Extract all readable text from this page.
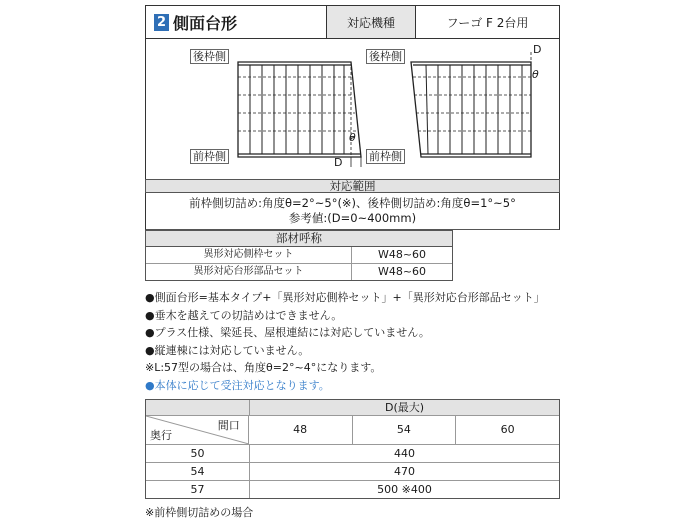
2 側面台形	対応機種	フーゴ F 2台用
後枠側
前枠側
後枠側
前枠側
θ
D
D
θ
対応範囲
前枠側切詰め:角度θ=2°~5°(※)、後枠側切詰め:角度θ=1°~5°
参考値:(D=0~400mm)
部材呼称
異形対応側枠セット	W48~60
異形対応台形部品セット	W48~60
●側面台形=基本タイプ+「異形対応側枠セット」+「異形対応台形部品セット」
●垂木を越えての切詰めはできません。
●プラス仕様、梁延長、屋根連結には対応していません。
●縦連棟には対応していません。
※L:57型の場合は、角度θ=2°~4°になります。
●本体に応じて受注対応となります。
D(最大)
間口
奥行	48	54	60
50	440
54	470
57	500 ※400
※前枠側切詰めの場合
